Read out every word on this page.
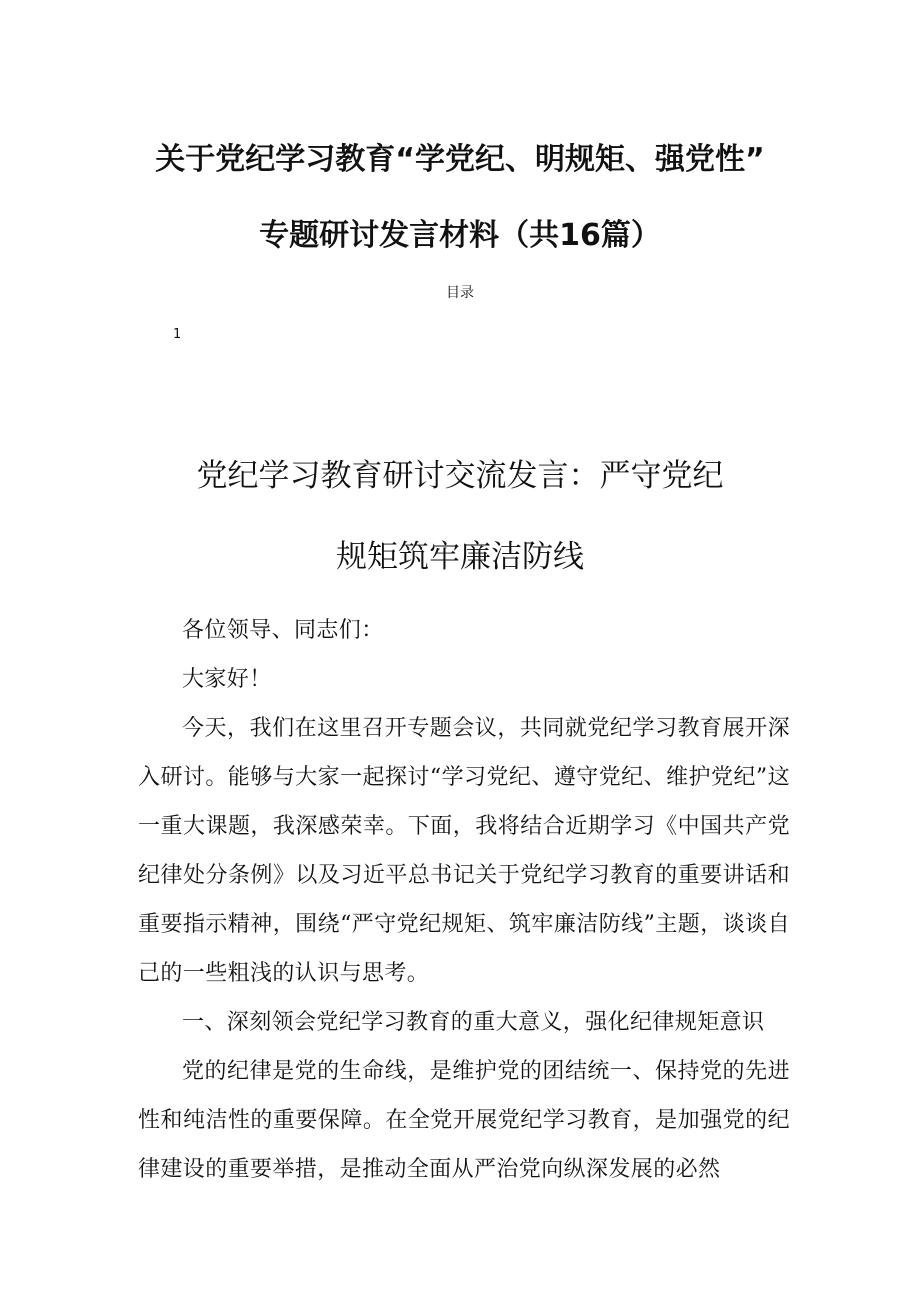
关于党纪学习教育“学党纪、明规矩、强党性”
专题研讨发言材料（共16篇）
目录
1
党纪学习教育研讨交流发言：严守党纪
规矩筑牢廉洁防线

各位领导、同志们：

大家好！

今天，我们在这里召开专题会议，共同就党纪学习教育展开深入研讨。能够与大家一起探讨“学习党纪、遵守党纪、维护党纪”这一重大课题，我深感荣幸。下面，我将结合近期学习《中国共产党纪律处分条例》以及习近平总书记关于党纪学习教育的重要讲话和重要指示精神，围绕“严守党纪规矩、筑牢廉洁防线”主题，谈谈自己的一些粗浅的认识与思考。

一、深刻领会党纪学习教育的重大意义，强化纪律规矩意识

党的纪律是党的生命线，是维护党的团结统一、保持党的先进性和纯洁性的重要保障。在全党开展党纪学习教育，是加强党的纪律建设的重要举措，是推动全面从严治党向纵深发展的必然
